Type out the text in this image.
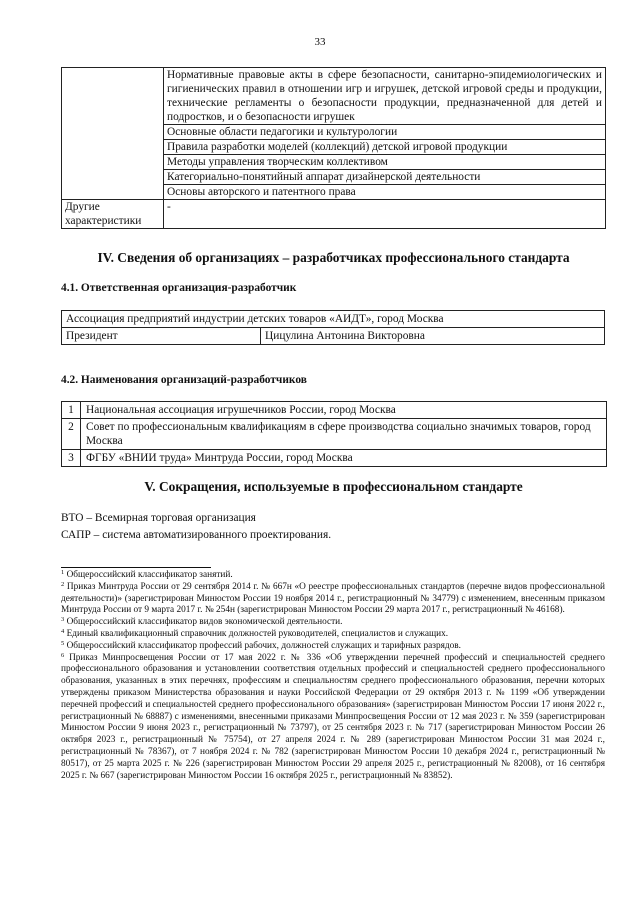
33
	Нормативные правовые акты в сфере безопасности, санитарно-эпидемиологических и гигиенических правил в отношении игр и игрушек, детской игровой среды и продукции, технические регламенты о безопасности продукции, предназначенной для детей и подростков, и о безопасности игрушек
	Основные области педагогики и культурологии
	Правила разработки моделей (коллекций) детской игровой продукции
	Методы управления творческим коллективом
	Категориально-понятийный аппарат дизайнерской деятельности
	Основы авторского и патентного права
Другие характеристики	-
IV. Сведения об организациях – разработчиках профессионального стандарта
4.1. Ответственная организация-разработчик
Ассоциация предприятий индустрии детских товаров «АИДТ», город Москва
Президент	Цицулина Антонина Викторовна
4.2. Наименования организаций-разработчиков
1	Национальная ассоциация игрушечников России, город Москва
2	Совет по профессиональным квалификациям в сфере производства социально значимых товаров, город Москва
3	ФГБУ «ВНИИ труда» Минтруда России, город Москва
V. Сокращения, используемые в профессиональном стандарте
ВТО – Всемирная торговая организация
САПР – система автоматизированного проектирования.

$^1$ Общероссийский классификатор занятий.

$^2$ Приказ Минтруда России от 29 сентября 2014 г. № 667н «О реестре профессиональных стандартов (перечне видов профессиональной деятельности)» (зарегистрирован Минюстом России 19 ноября 2014 г., регистрационный № 34779) с изменением, внесенным приказом Минтруда России от 9 марта 2017 г. № 254н (зарегистрирован Минюстом России 29 марта 2017 г., регистрационный № 46168).

$^3$ Общероссийский классификатор видов экономической деятельности.

$^4$ Единый квалификационный справочник должностей руководителей, специалистов и служащих.

$^5$ Общероссийский классификатор профессий рабочих, должностей служащих и тарифных разрядов.

$^6$ Приказ Минпросвещения России от 17 мая 2022 г. № 336 «Об утверждении перечней профессий и специальностей среднего профессионального образования и установлении соответствия отдельных профессий и специальностей среднего профессионального образования, указанных в этих перечнях, профессиям и специальностям среднего профессионального образования, перечни которых утверждены приказом Министерства образования и науки Российской Федерации от 29 октября 2013 г. № 1199 «Об утверждении перечней профессий и специальностей среднего профессионального образования» (зарегистрирован Минюстом России 17 июня 2022 г., регистрационный № 68887) с изменениями, внесенными приказами Минпросвещения России от 12 мая 2023 г. № 359 (зарегистрирован Минюстом России 9 июня 2023 г., регистрационный № 73797), от 25 сентября 2023 г. № 717 (зарегистрирован Минюстом России 26 октября 2023 г., регистрационный № 75754), от 27 апреля 2024 г. № 289 (зарегистрирован Минюстом России 31 мая 2024 г., регистрационный № 78367), от 7 ноября 2024 г. № 782 (зарегистрирован Минюстом России 10 декабря 2024 г., регистрационный № 80517), от 25 марта 2025 г. № 226 (зарегистрирован Минюстом России 29 апреля 2025 г., регистрационный № 82008), от 16 сентября 2025 г. № 667 (зарегистрирован Минюстом России 16 октября 2025 г., регистрационный № 83852).
